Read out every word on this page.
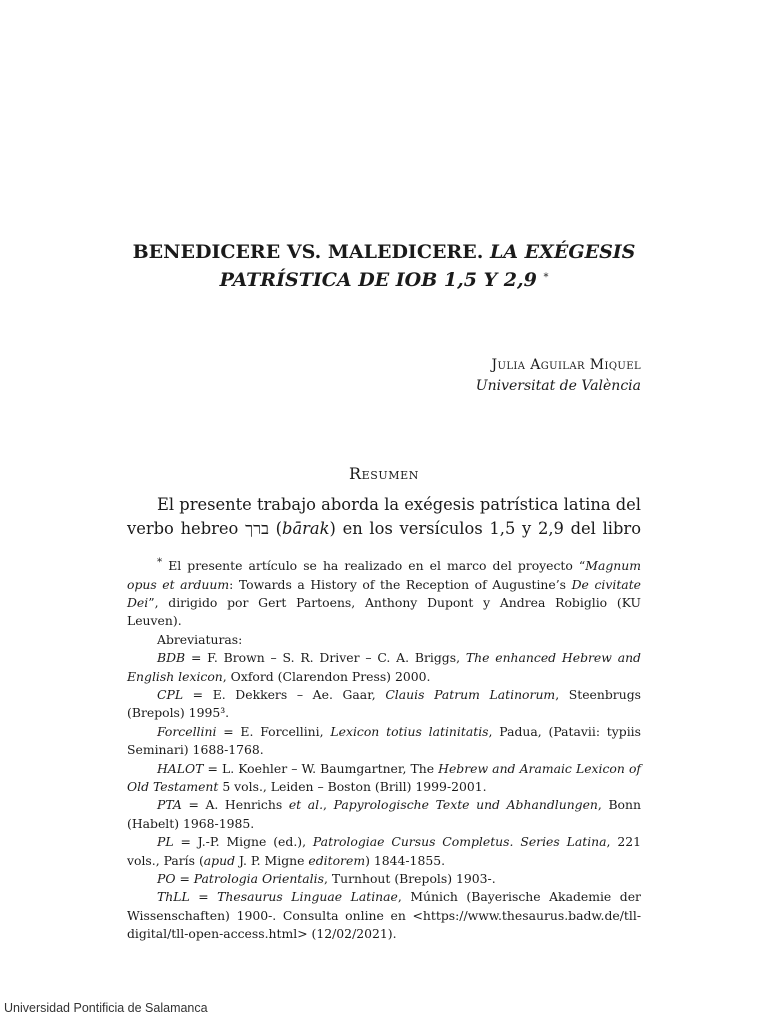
BENEDICERE VS. MALEDICERE. LA EXÉGESIS
PATRÍSTICA DE IOB 1,5 Y 2,9 *
Julia Aguilar Miquel
Universitat de València
Resumen
El presente trabajo aborda la exégesis patrística latina del verbo hebreo ברך (bārak) en los versículos 1,5 y 2,9 del libro

* El presente artículo se ha realizado en el marco del proyecto “Magnum opus et arduum: Towards a History of the Reception of Augustine’s De civitate Dei”, dirigido por Gert Partoens, Anthony Dupont y Andrea Robiglio (KU Leuven).

Abreviaturas:

BDB = F. Brown – S. R. Driver – C. A. Briggs, The enhanced Hebrew and English lexicon, Oxford (Clarendon Press) 2000.

CPL = E. Dekkers – Ae. Gaar, Clauis Patrum Latinorum, Steenbrugs (Brepols) 1995³.

Forcellini = E. Forcellini, Lexicon totius latinitatis, Padua, (Patavii: typiis Seminari) 1688-1768.

HALOT = L. Koehler – W. Baumgartner, The Hebrew and Aramaic Lexicon of Old Testament 5 vols., Leiden – Boston (Brill) 1999-2001.

PTA = A. Henrichs et al., Papyrologische Texte und Abhandlungen, Bonn (Habelt) 1968-1985.

PL = J.-P. Migne (ed.), Patrologiae Cursus Completus. Series Latina, 221 vols., París (apud J. P. Migne editorem) 1844-1855.

PO = Patrologia Orientalis, Turnhout (Brepols) 1903-.

ThLL = Thesaurus Linguae Latinae, Múnich (Bayerische Akademie der Wissenschaften) 1900-. Consulta online en <https://www.thesaurus.badw.de/tll-digital/tll-open-access.html> (12/02/2021).

Universidad Pontificia de Salamanca
